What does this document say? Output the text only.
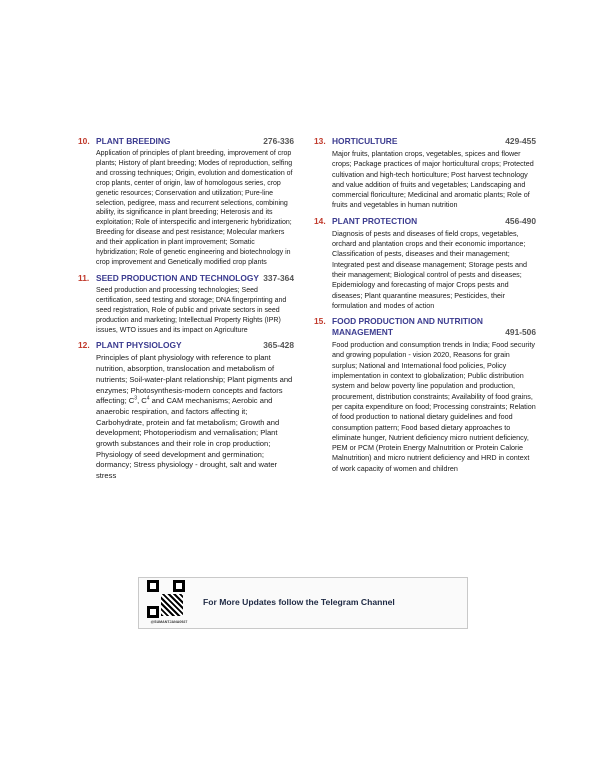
10. PLANT BREEDING	276-336
Application of principles of plant breeding, improvement of crop plants; History of plant breeding; Modes of reproduction, selfing and crossing techniques; Origin, evolution and domestication of crop plants, center of origin, law of homologous series, crop genetic resources; Conservation and utilization; Pure-line selection, pedigree, mass and recurrent selections, combining ability, its significance in plant breeding; Heterosis and its exploitation; Role of interspecific and intergeneric hybridization; Breeding for disease and pest resistance; Molecular markers and their application in plant improvement; Somatic hybridization; Role of genetic engineering and biotechnology in crop improvement and Genetically modified crop plants
11. SEED PRODUCTION AND TECHNOLOGY 337-364
Seed production and processing technologies; Seed certification, seed testing and storage; DNA fingerprinting and seed registration, Role of public and private sectors in seed production and marketing; Intellectual Property Rights (IPR) issues, WTO issues and its impact on Agriculture
12. PLANT PHYSIOLOGY	365-428
Principles of plant physiology with reference to plant nutrition, absorption, translocation and metabolism of nutrients; Soil-water-plant relationship; Plant pigments and enzymes; Photosynthesis-modern concepts and factors affecting; $C^3$, $C^4$ and CAM mechanisms; Aerobic and anaerobic respiration, and factors affecting it; Carbohydrate, protein and fat metabolism; Growth and development; Photoperiodism and vernalisation; Plant growth substances and their role in crop production; Physiology of seed development and germination; dormancy; Stress physiology - drought, salt and water stress
13. HORTICULTURE	429-455
Major fruits, plantation crops, vegetables, spices and flower crops; Package practices of major horticultural crops; Protected cultivation and high-tech horticulture; Post harvest technology and value addition of fruits and vegetables; Landscaping and commercial floriculture; Medicinal and aromatic plants; Role of fruits and vegetables in human nutrition
14. PLANT PROTECTION	456-490
Diagnosis of pests and diseases of field crops, vegetables, orchard and plantation crops and their economic importance; Classification of pests, diseases and their management; Integrated pest and disease management; Storage pests and their management; Biological control of pests and diseases; Epidemiology and forecasting of major Crops pests and diseases; Plant quarantine measures; Pesticides, their formulation and modes of action
15. FOOD PRODUCTION AND NUTRITION MANAGEMENT	491-506
Food production and consumption trends in India; Food security and growing population - vision 2020, Reasons for grain surplus; National and International food policies, Policy implementation in context to globalization; Public distribution system and below poverty line population and production, procurement, distribution constraints; Availability of food grains, per capita expenditure on food; Processing constraints; Relation of food production to national dietary guidelines and food consumption pattern; Food based dietary approaches to eliminate hunger, Nutrient deficiency micro nutrient deficiency, PEM or PCM (Protein Energy Malnutrition or Protein Calorie Malnutrition) and micro nutrient deficiency and HRD in context of work capacity of women and children
@SUMANTJANA0927
For More Updates follow the Telegram Channel
